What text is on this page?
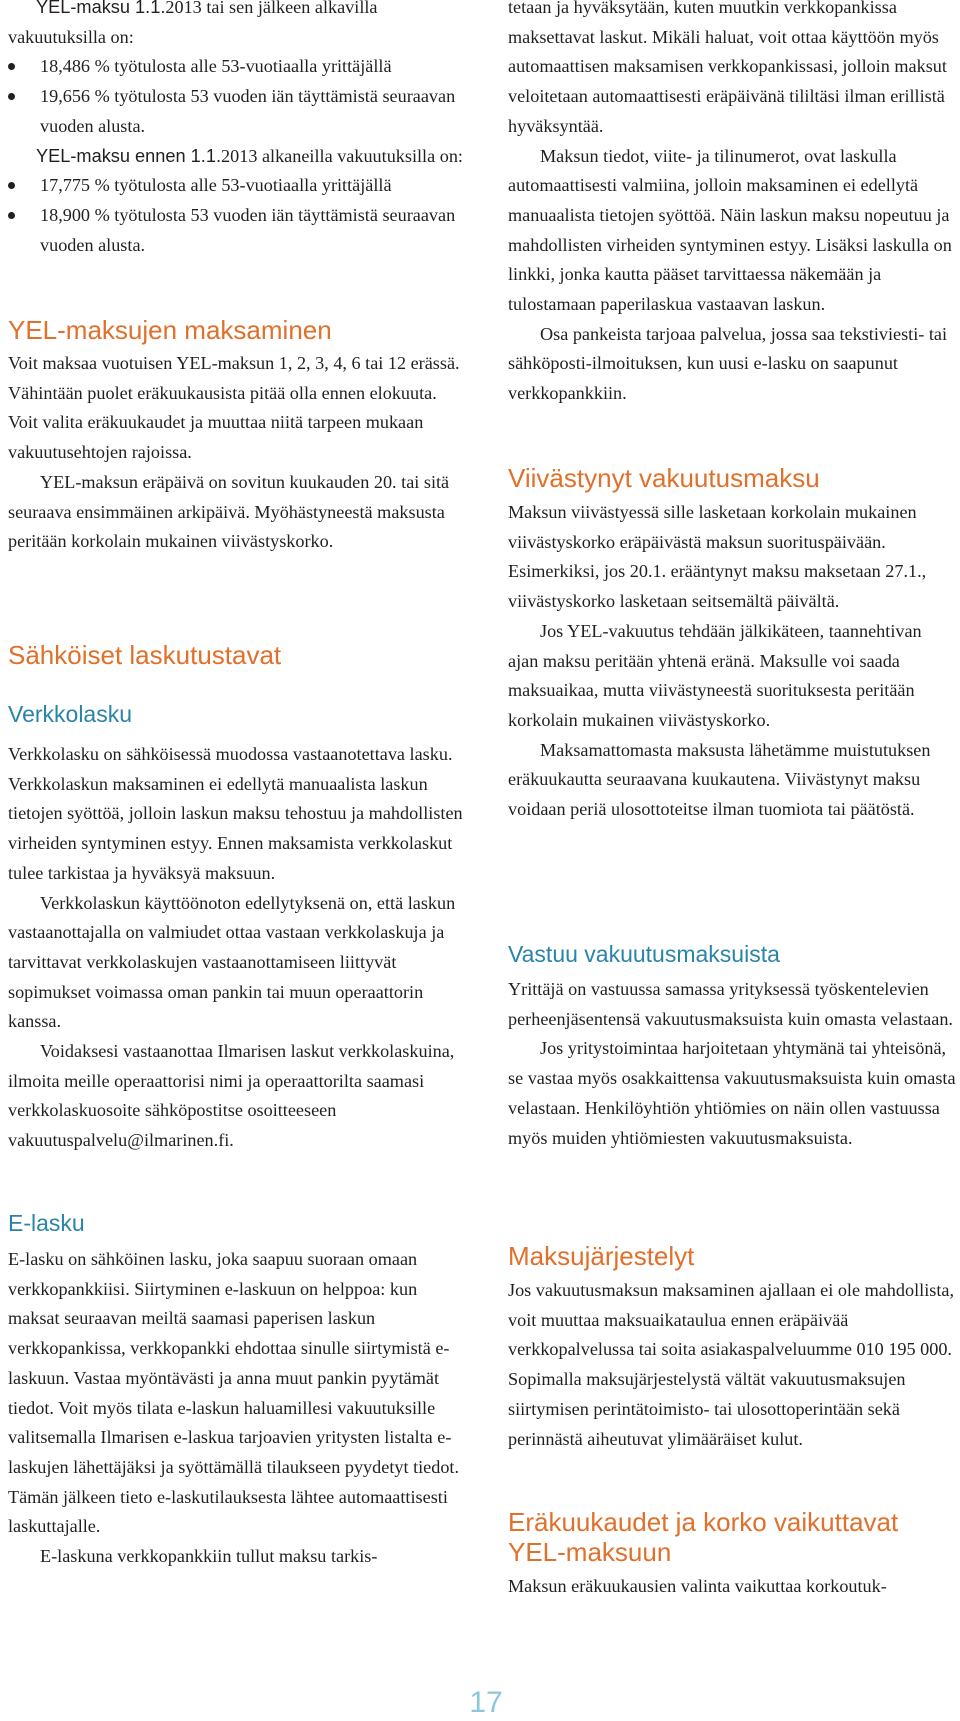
YEL-maksu 1.1.2013 tai sen jälkeen alkavilla vakuutuksilla on:

18,486 % työtulosta alle 53-vuotiaalla yrittäjällä
19,656 % työtulosta 53 vuoden iän täyttämistä seuraavan vuoden alusta.

YEL-maksu ennen 1.1.2013 alkaneilla vakuutuksilla on:

17,775 % työtulosta alle 53-vuotiaalla yrittäjällä
18,900 % työtulosta 53 vuoden iän täyttämistä seuraavan vuoden alusta.
YEL-maksujen maksaminen

Voit maksaa vuotuisen YEL-maksun 1, 2, 3, 4, 6 tai 12 erässä. Vähintään puolet eräkuukausista pitää olla ennen elokuuta. Voit valita eräkuukaudet ja muuttaa niitä tarpeen mukaan vakuutusehtojen rajoissa.

YEL-maksun eräpäivä on sovitun kuukauden 20. tai sitä seuraava ensimmäinen arkipäivä. Myöhästyneestä maksusta peritään korkolain mukainen viivästyskorko.

Sähköiset laskutustavat
Verkkolasku

Verkkolasku on sähköisessä muodossa vastaanotettava lasku. Verkkolaskun maksaminen ei edellytä manuaalista laskun tietojen syöttöä, jolloin laskun maksu tehostuu ja mahdollisten virheiden syntyminen estyy. Ennen maksamista verkkolaskut tulee tarkistaa ja hyväksyä maksuun.

Verkkolaskun käyttöönoton edellytyksenä on, että laskun vastaanottajalla on valmiudet ottaa vastaan verkkolaskuja ja tarvittavat verkkolaskujen vastaanottamiseen liittyvät sopimukset voimassa oman pankin tai muun operaattorin kanssa.

Voidaksesi vastaanottaa Ilmarisen laskut verkkolaskuina, ilmoita meille operaattorisi nimi ja operaattorilta saamasi verkkolaskuosoite sähköpostitse osoitteeseen vakuutuspalvelu@ilmarinen.fi.

E-lasku

E-lasku on sähköinen lasku, joka saapuu suoraan omaan verkkopankkiisi. Siirtyminen e-laskuun on helppoa: kun maksat seuraavan meiltä saamasi paperisen laskun verkkopankissa, verkkopankki ehdottaa sinulle siirtymistä e-laskuun. Vastaa myöntävästi ja anna muut pankin pyytämät tiedot. Voit myös tilata e-laskun haluamillesi vakuutuksille valitsemalla Ilmarisen e-laskua tarjoavien yritysten listalta e-laskujen lähettäjäksi ja syöttämällä tilaukseen pyydetyt tiedot. Tämän jälkeen tieto e-laskutilauksesta lähtee automaattisesti laskuttajalle.

E-laskuna verkkopankkiin tullut maksu tarkis-

tetaan ja hyväksytään, kuten muutkin verkkopankissa maksettavat laskut. Mikäli haluat, voit ottaa käyttöön myös automaattisen maksamisen verkkopankissasi, jolloin maksut veloitetaan automaattisesti eräpäivänä tililtäsi ilman erillistä hyväksyntää.

Maksun tiedot, viite- ja tilinumerot, ovat laskulla automaattisesti valmiina, jolloin maksaminen ei edellytä manuaalista tietojen syöttöä. Näin laskun maksu nopeutuu ja mahdollisten virheiden syntyminen estyy. Lisäksi laskulla on linkki, jonka kautta pääset tarvittaessa näkemään ja tulostamaan paperilaskua vastaavan laskun.

Osa pankeista tarjoaa palvelua, jossa saa tekstiviesti- tai sähköposti-ilmoituksen, kun uusi e-lasku on saapunut verkkopankkiin.

Viivästynyt vakuutusmaksu

Maksun viivästyessä sille lasketaan korkolain mukainen viivästyskorko eräpäivästä maksun suorituspäivään. Esimerkiksi, jos 20.1. erääntynyt maksu maksetaan 27.1., viivästyskorko lasketaan seitsemältä päivältä.

Jos YEL-vakuutus tehdään jälkikäteen, taannehtivan ajan maksu peritään yhtenä eränä. Maksulle voi saada maksuaikaa, mutta viivästyneestä suorituksesta peritään korkolain mukainen viivästyskorko.

Maksamattomasta maksusta lähetämme muistutuksen eräkuukautta seuraavana kuukautena. Viivästynyt maksu voidaan periä ulosottoteitse ilman tuomiota tai päätöstä.

Vastuu vakuutusmaksuista

Yrittäjä on vastuussa samassa yrityksessä työskentelevien perheenjäsentensä vakuutusmaksuista kuin omasta velastaan.

Jos yritystoimintaa harjoitetaan yhtymänä tai yhteisönä, se vastaa myös osakkaittensa vakuutusmaksuista kuin omasta velastaan. Henkilöyhtiön yhtiömies on näin ollen vastuussa myös muiden yhtiömiesten vakuutusmaksuista.

Maksujärjestelyt

Jos vakuutusmaksun maksaminen ajallaan ei ole mahdollista, voit muuttaa maksuaikataulua ennen eräpäivää verkkopalvelussa tai soita asiakaspalveluumme 010 195 000. Sopimalla maksujärjestelystä vältät vakuutusmaksujen siirtymisen perintätoimisto- tai ulosottoperintään sekä perinnästä aiheutuvat ylimääräiset kulut.

Eräkuukaudet ja korko vaikuttavat
YEL-maksuun

Maksun eräkuukausien valinta vaikuttaa korkoutuk-

17
